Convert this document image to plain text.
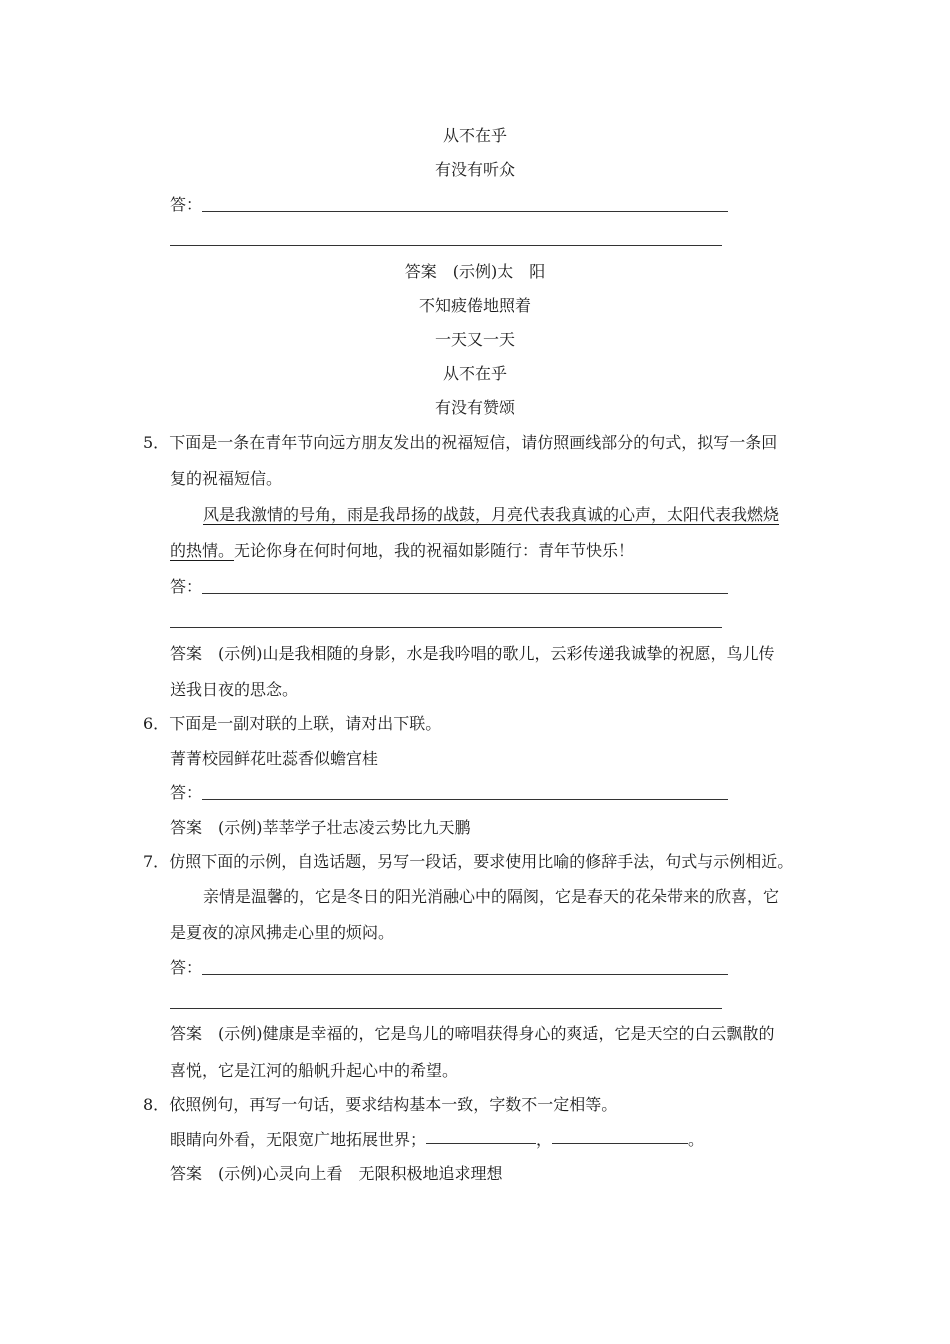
从不在乎
有没有听众
答：
答案　 (示例)太　阳
不知疲倦地照着
一天又一天
从不在乎
有没有赞颂
5．下面是一条在青年节向远方朋友发出的祝福短信，请仿照画线部分的句式，拟写一条回
复的祝福短信。
风是我激情的号角，雨是我昂扬的战鼓，月亮代表我真诚的心声，太阳代表我燃烧
的热情。无论你身在何时何地，我的祝福如影随行：青年节快乐！
答：
答案　 (示例)山是我相随的身影，水是我吟唱的歌儿，云彩传递我诚挚的祝愿，鸟儿传
送我日夜的思念。
6．下面是一副对联的上联，请对出下联。
菁菁校园鲜花吐蕊香似蟾宫桂
答：
答案　 (示例)莘莘学子壮志凌云势比九天鹏
7．仿照下面的示例，自选话题，另写一段话，要求使用比喻的修辞手法，句式与示例相近。
亲情是温馨的，它是冬日的阳光消融心中的隔阂，它是春天的花朵带来的欣喜，它
是夏夜的凉风拂走心里的烦闷。
答：
答案　 (示例)健康是幸福的，它是鸟儿的啼唱获得身心的爽适，它是天空的白云飘散的
喜悦，它是江河的船帆升起心中的希望。
8．依照例句，再写一句话，要求结构基本一致，字数不一定相等。
眼睛向外看，无限宽广地拓展世界；	，	。
答案　 (示例)心灵向上看　无限积极地追求理想
